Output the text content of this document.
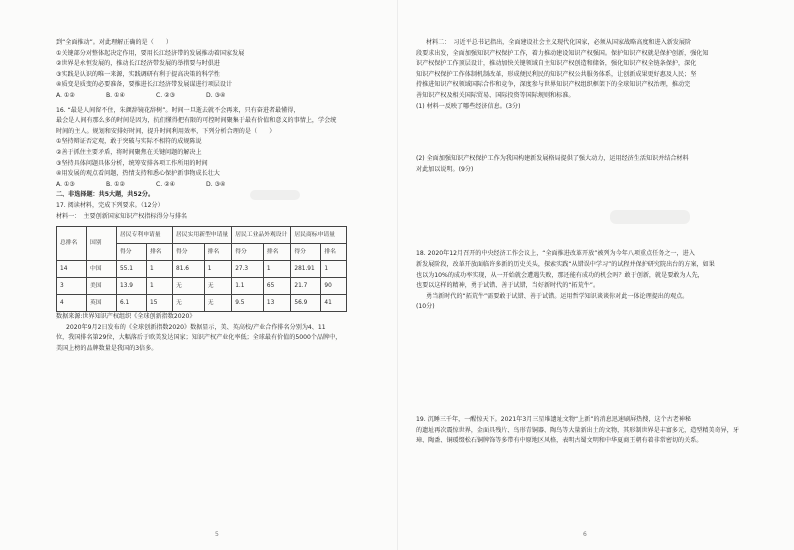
到“全面推动”。对此理解正确的是（　　）
①关键部分对整体起决定作用，要用长江经济带的发展推动着国家发展
②世界是永恒发展的，推动长江经济带发展的举措要与时俱进
③实践是认识的唯一来源，实践调研有利于提高决策的科学性
④质变是质变的必要准备，要推进长江经济带发展谋进行项层设计
A. ①②	B. ①④	C. ②③	D. ③④
16. “最是人间留不住，朱颜辞镜花辞树”。时间一旦逝去就不会再来，只有奋进者最懂得，
最会是人间有那么多的时间是因为，抗们懂得把有限的可控时间聚集于最有价值和意义的事情上，学会统
时间的主人。规划和安排好时间，提升时间利用效率，下列分析合理的是（　　）
①坚持辩证否定观，敢于突破与实际不相符的成规陈说
②善于抓住主要矛盾，将时间聚焦在关键问题的解决上
③坚持具体问题具体分析，统筹安排各项工作所用的时间
④用发展的观点看问题，热情支持和悉心保护新事物成长壮大
A. ①③	B. ①②	C. ②④	D. ③④
二、非选择题：共5大题，共52分。
17. 阅读材料，完成下列要求。（12分）
材料一：　主要创新国家知识产权指标得分与排名
总排名	国别	居民专利申请量		居民实用新型申请量		居民工业品外观设计		居民商标申请量	
		得分	排名	得分	排名	得分	排名	得分	排名
14	中国	55.1	1	81.6	1	27.3	1	281.91	1
3	美国	13.9	1	无	无	1.1	65	21.7	90
4	英国	6.1	15	无	无	9.5	13	56.9	41
数据来源:世界知识产权组织《全球创新指数2020》
2020年9月2日发布的《全球创新指数2020》数据显示，美、英高校/产业合作排名分别为4、11
位，我国排名第29位，大幅落后于欧美发达国家；知识产权产业化率低；全球最有价值的5000个品牌中，
美国上榜的品牌数量是我国的3倍多。
5
材料二：　习近平总书记指出，全面建设社会主义现代化国家，必须从国家战略高度和进入新发展阶
段要求出发，全面加强知识产权保护工作，着力推动建设知识产权强国。保护知识产权就是保护创新，强化知
识产权保护工作顶层设计，推动加快关键领域自主知识产权创造和储备，强化知识产权全链条保护，深化
知识产权保护工作体制机制改革，形成便民利民的知识产权公共服务体系，让创新成果更好惠及人民；坚
持推进知识产权领域国际合作和竞争，深度参与世界知识产权组织框架下的全球知识产权治理，推动完
善知识产权及相关国际贸易、国际投资等国际规则和标准。
(1) 材料一反映了哪些经济信息。(3分)
(2) 全面加强知识产权保护工作为我国构建新发展格局提供了强大动力，运用经济生活知识并结合材料
对此加以说明。(9分)
18. 2020年12月召开的中央经济工作会议上，“全面推进改革开放”被列为今年八项重点任务之一，进入
新发展阶段，改革开放面临许多新的历史关头，探索实践“从错误中学习”的试程并保护研究院出台的方案，如果
也以为10%的成功率实现，从一开始就会遭遇失败，那还能有成功的机会吗？敢于创新，就是要敢为人先，
也要以这样的精神，勇于试错、善于试错，当好新时代的“拓荒牛”。
勇当新时代的“拓荒牛”需要敢于试错、善于试错。运用哲学知识谈谈你对此一体论理提出的观点。
(10分)
19. 沉睡三千年，一醒惊天下。2021年3月三星堆遗址文物“上新”的消息迅速刷屏热搜，这个古老神秘
的遗址再次震惊世界，金面具残片、鸟形青铜器、陶鸟等大量新出土的文物，其形制世界是丰富多元，造型精美奇异，牙
璋、陶盉、铜瑗缀松石铜牌饰等多带有中原地区风格，表明古蜀文明和中华夏商王朝有着非常密切的关系。
6
